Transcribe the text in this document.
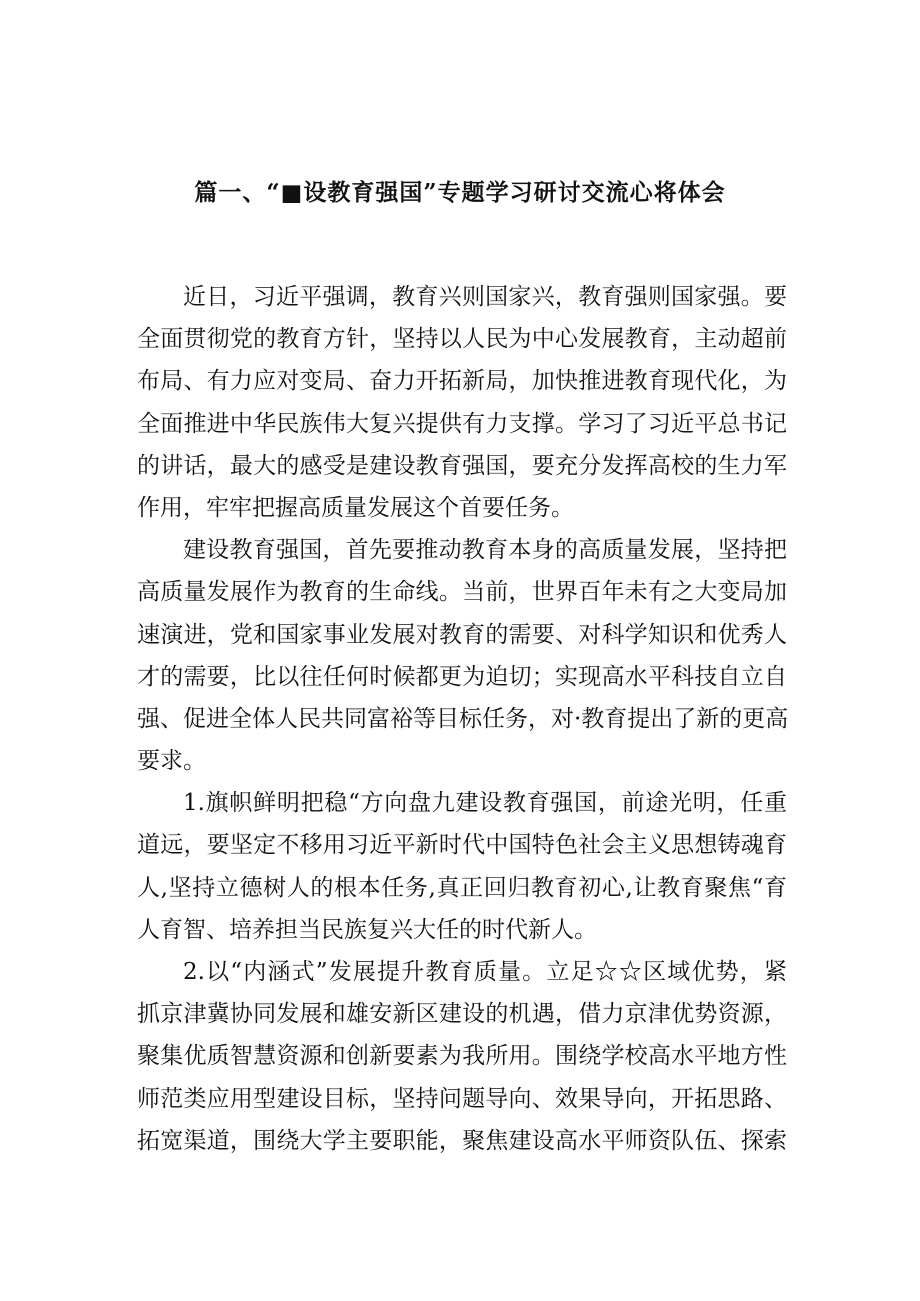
篇一、“■设教育强国”专题学习研讨交流心将体会
近日，习近平强调，教育兴则国家兴，教育强则国家强。要
全面贯彻党的教育方针，坚持以人民为中心发展教育，主动超前
布局、有力应对变局、奋力开拓新局，加快推进教育现代化，为
全面推进中华民族伟大复兴提供有力支撑。学习了习近平总书记
的讲话，最大的感受是建设教育强国，要充分发挥高校的生力军
作用，牢牢把握高质量发展这个首要任务。
建设教育强国，首先要推动教育本身的高质量发展，坚持把
高质量发展作为教育的生命线。当前，世界百年未有之大变局加
速演进，党和国家事业发展对教育的需要、对科学知识和优秀人
才的需要，比以往任何时候都更为迫切；实现高水平科技自立自
强、促进全体人民共同富裕等目标任务，对·教育提出了新的更高
要求。
1.旗帜鲜明把稳“方向盘九建设教育强国，前途光明，任重
道远，要坚定不移用习近平新时代中国特色社会主义思想铸魂育
人,坚持立德树人的根本任务,真正回归教育初心,让教育聚焦“育
人育智、培养担当民族复兴大任的时代新人。
2.以“内涵式”发展提升教育质量。立足☆☆区域优势，紧
抓京津冀协同发展和雄安新区建设的机遇，借力京津优势资源，
聚集优质智慧资源和创新要素为我所用。围绕学校高水平地方性
师范类应用型建设目标，坚持问题导向、效果导向，开拓思路、
拓宽渠道，围绕大学主要职能，聚焦建设高水平师资队伍、探索
